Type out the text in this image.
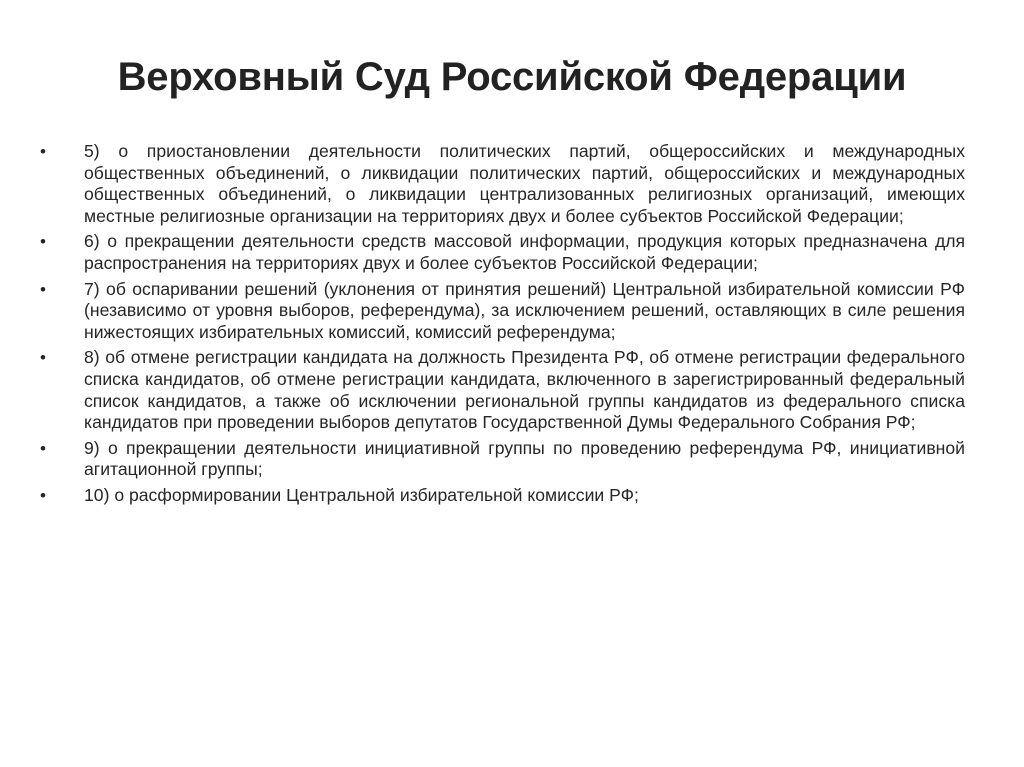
Верховный Суд Российской Федерации
•	5) о приостановлении деятельности политических партий, общероссийских и международных общественных объединений, о ликвидации политических партий, общероссийских и международных общественных объединений, о ликвидации централизованных религиозных организаций, имеющих местные религиозные организации на территориях двух и более субъектов Российской Федерации;
•	6) о прекращении деятельности средств массовой информации, продукция которых предназначена для распространения на территориях двух и более субъектов Российской Федерации;
•	7) об оспаривании решений (уклонения от принятия решений) Центральной избирательной комиссии РФ (независимо от уровня выборов, референдума), за исключением решений, оставляющих в силе решения нижестоящих избирательных комиссий, комиссий референдума;
•	8) об отмене регистрации кандидата на должность Президента РФ, об отмене регистрации федерального списка кандидатов, об отмене регистрации кандидата, включенного в зарегистрированный федеральный список кандидатов, а также об исключении региональной группы кандидатов из федерального списка кандидатов при проведении выборов депутатов Государственной Думы Федерального Собрания РФ;
•	9) о прекращении деятельности инициативной группы по проведению референдума РФ, инициативной агитационной группы;
•	10) о расформировании Центральной избирательной комиссии РФ;
